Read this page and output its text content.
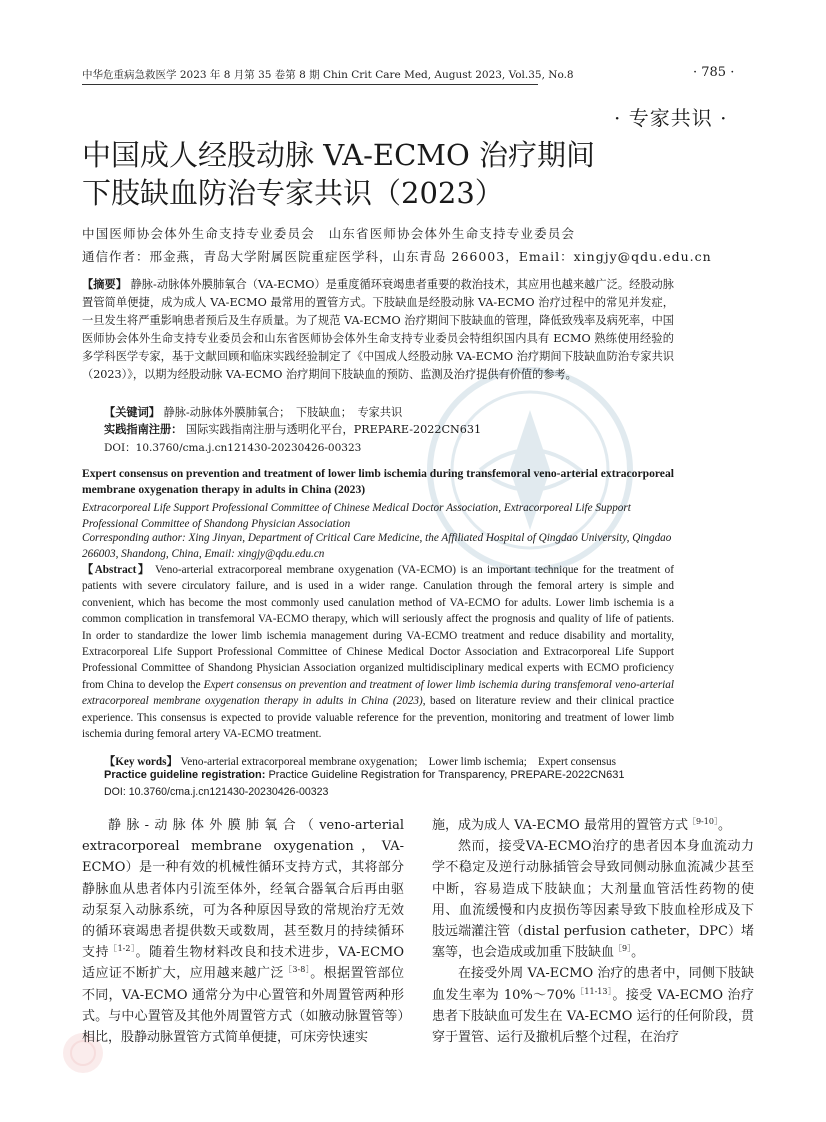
中华危重病急救医学 2023 年 8 月第 35 卷第 8 期 Chin Crit Care Med, August 2023, Vol.35, No.8	· 785 ·
· 专家共识 ·
中国成人经股动脉 VA-ECMO 治疗期间
下肢缺血防治专家共识（2023）
中国医师协会体外生命支持专业委员会　山东省医师协会体外生命支持专业委员会
通信作者：邢金燕，青岛大学附属医院重症医学科，山东青岛 266003，Email：xingjy@qdu.edu.cn
【摘要】 静脉-动脉体外膜肺氧合（VA-ECMO）是重度循环衰竭患者重要的救治技术，其应用也越来越广泛。经股动脉置管简单便捷，成为成人 VA-ECMO 最常用的置管方式。下肢缺血是经股动脉 VA-ECMO 治疗过程中的常见并发症，一旦发生将严重影响患者预后及生存质量。为了规范 VA-ECMO 治疗期间下肢缺血的管理，降低致残率及病死率，中国医师协会体外生命支持专业委员会和山东省医师协会体外生命支持专业委员会特组织国内具有 ECMO 熟练使用经验的多学科医学专家，基于文献回顾和临床实践经验制定了《中国成人经股动脉 VA-ECMO 治疗期间下肢缺血防治专家共识（2023）》，以期为经股动脉 VA-ECMO 治疗期间下肢缺血的预防、监测及治疗提供有价值的参考。
【关键词】 静脉-动脉体外膜肺氧合；　下肢缺血；　专家共识
实践指南注册： 国际实践指南注册与透明化平台，PREPARE-2022CN631
DOI：10.3760/cma.j.cn121430-20230426-00323
Expert consensus on prevention and treatment of lower limb ischemia during transfemoral veno-arterial extracorporeal membrane oxygenation therapy in adults in China (2023)
Extracorporeal Life Support Professional Committee of Chinese Medical Doctor Association, Extracorporeal Life Support Professional Committee of Shandong Physician Association
Corresponding author: Xing Jinyan, Department of Critical Care Medicine, the Affiliated Hospital of Qingdao University, Qingdao 266003, Shandong, China, Email: xingjy@qdu.edu.cn
【Abstract】 Veno-arterial extracorporeal membrane oxygenation (VA-ECMO) is an important technique for the treatment of patients with severe circulatory failure, and is used in a wider range. Canulation through the femoral artery is simple and convenient, which has become the most commonly used canulation method of VA-ECMO for adults. Lower limb ischemia is a common complication in transfemoral VA-ECMO therapy, which will seriously affect the prognosis and quality of life of patients. In order to standardize the lower limb ischemia management during VA-ECMO treatment and reduce disability and mortality, Extracorporeal Life Support Professional Committee of Chinese Medical Doctor Association and Extracorporeal Life Support Professional Committee of Shandong Physician Association organized multidisciplinary medical experts with ECMO proficiency from China to develop the Expert consensus on prevention and treatment of lower limb ischemia during transfemoral veno-arterial extracorporeal membrane oxygenation therapy in adults in China (2023), based on literature review and their clinical practice experience. This consensus is expected to provide valuable reference for the prevention, monitoring and treatment of lower limb ischemia during femoral artery VA-ECMO treatment.
【Key words】 Veno-arterial extracorporeal membrane oxygenation;　Lower limb ischemia;　Expert consensus
Practice guideline registration: Practice Guideline Registration for Transparency, PREPARE-2022CN631
DOI: 10.3760/cma.j.cn121430-20230426-00323

静脉-动脉体外膜肺氧合（veno-arterial extracorporeal membrane oxygenation，VA-ECMO）是一种有效的机械性循环支持方式，其将部分静脉血从患者体内引流至体外，经氧合器氧合后再由驱动泵泵入动脉系统，可为各种原因导致的常规治疗无效的循环衰竭患者提供数天或数周，甚至数月的持续循环支持$^{[1-2]}$。随着生物材料改良和技术进步，VA-ECMO适应证不断扩大，应用越来越广泛$^{[3-8]}$。根据置管部位不同，VA-ECMO 通常分为中心置管和外周置管两种形式。与中心置管及其他外周置管方式（如腋动脉置管等）相比，股静动脉置管方式简单便捷，可床旁快速实

施，成为成人 VA-ECMO 最常用的置管方式$^{[9-10]}$。

然而，接受VA-ECMO治疗的患者因本身血流动力学不稳定及逆行动脉插管会导致同侧动脉血流减少甚至中断，容易造成下肢缺血；大剂量血管活性药物的使用、血流缓慢和内皮损伤等因素导致下肢血栓形成及下肢远端灌注管（distal perfusion catheter，DPC）堵塞等，也会造成或加重下肢缺血$^{[9]}$。

在接受外周 VA-ECMO 治疗的患者中，同侧下肢缺血发生率为 10%～70%$^{[11-13]}$。接受 VA-ECMO 治疗患者下肢缺血可发生在 VA-ECMO 运行的任何阶段，贯穿于置管、运行及撤机后整个过程，在治疗
